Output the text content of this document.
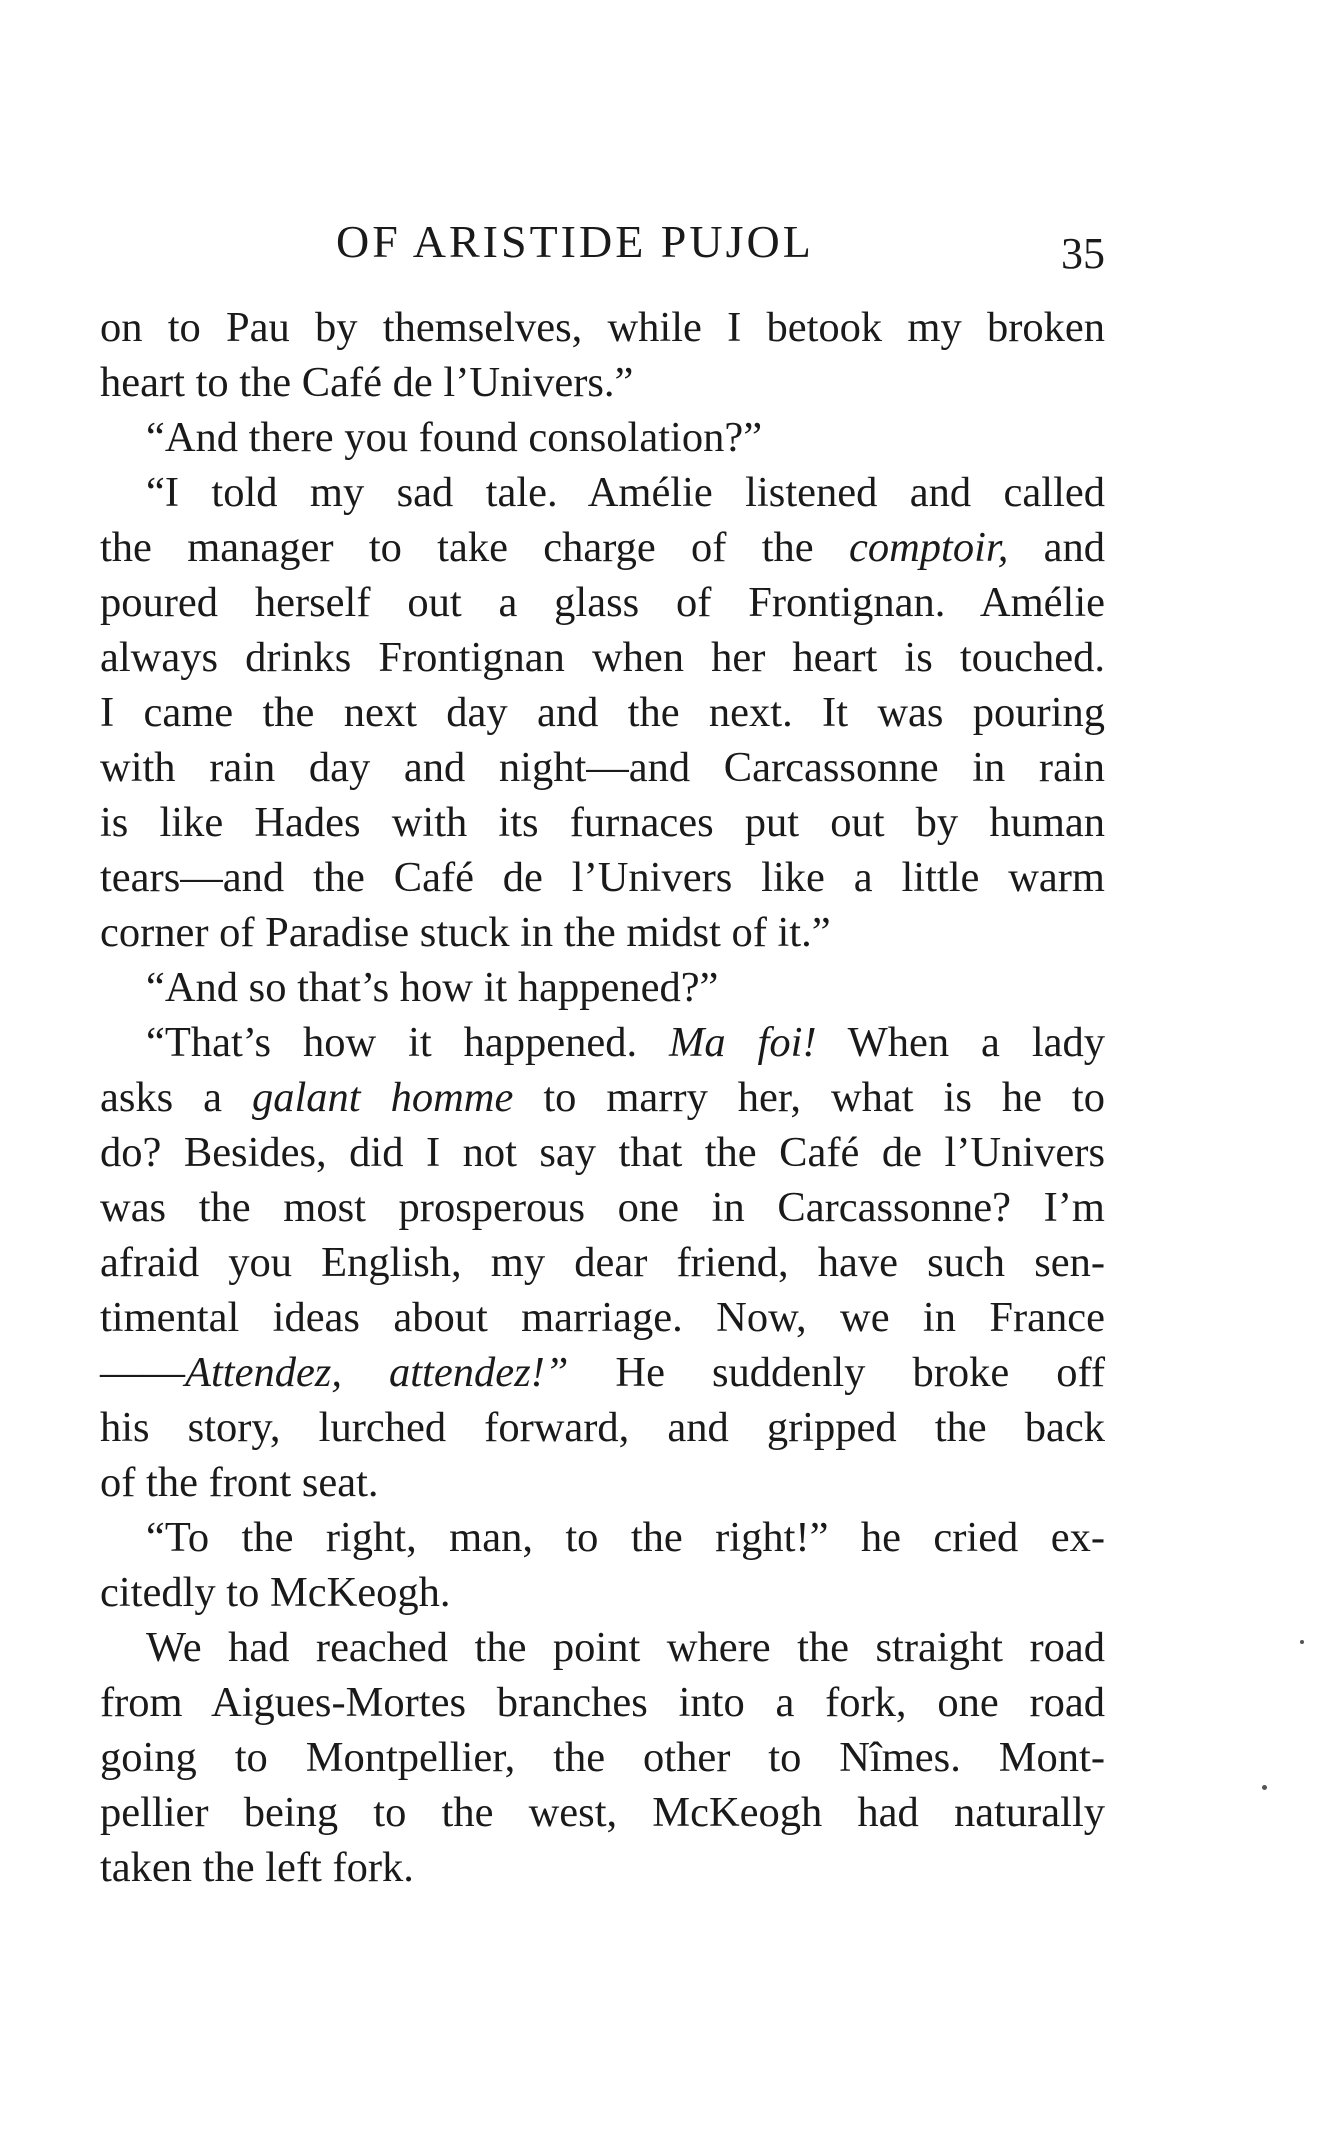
OF ARISTIDE PUJOL	35
on to Pau by themselves, while I betook my broken
heart to the Café de l’Univers.”
“And there you found consolation?”
“I told my sad tale. Amélie listened and called
the manager to take charge of the comptoir, and
poured herself out a glass of Frontignan. Amélie
always drinks Frontignan when her heart is touched.
I came the next day and the next. It was pouring
with rain day and night—and Carcassonne in rain
is like Hades with its furnaces put out by human
tears—and the Café de l’Univers like a little warm
corner of Paradise stuck in the midst of it.”
“And so that’s how it happened?”
“That’s how it happened. Ma foi! When a lady
asks a galant homme to marry her, what is he to
do? Besides, did I not say that the Café de l’Univers
was the most prosperous one in Carcassonne? I’m
afraid you English, my dear friend, have such sen-
timental ideas about marriage. Now, we in France
——Attendez, attendez!” He suddenly broke off
his story, lurched forward, and gripped the back
of the front seat.
“To the right, man, to the right!” he cried ex-
citedly to McKeogh.
We had reached the point where the straight road
from Aigues-Mortes branches into a fork, one road
going to Montpellier, the other to Nîmes. Mont-
pellier being to the west, McKeogh had naturally
taken the left fork.
